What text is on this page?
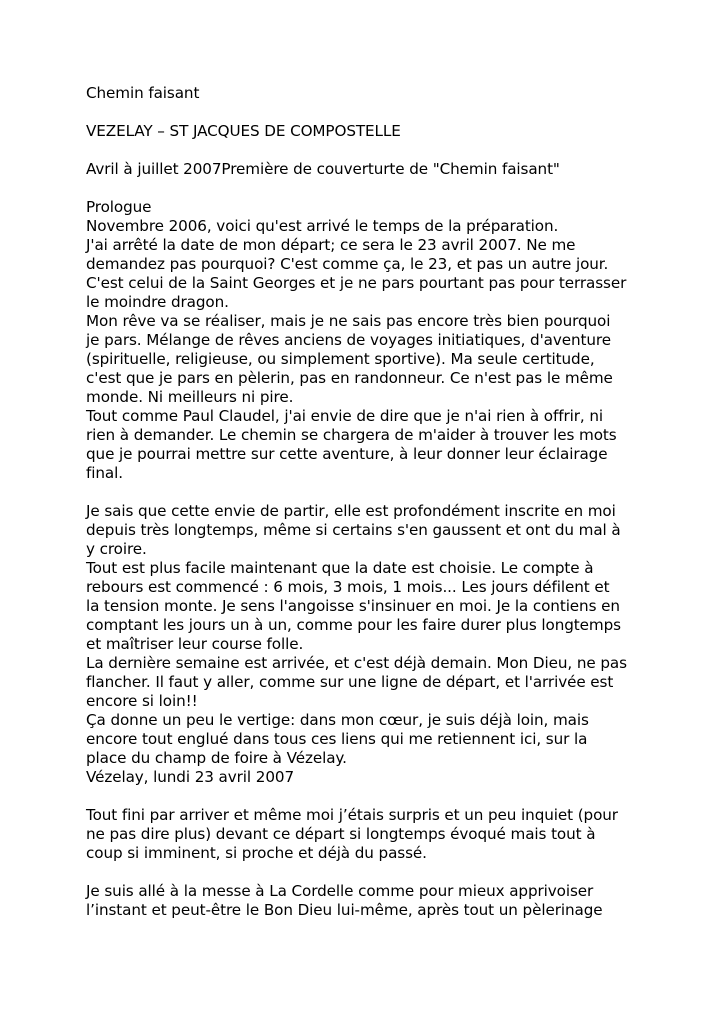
Chemin faisant
VEZELAY – ST JACQUES DE COMPOSTELLE
Avril à juillet 2007Première de couverturte de "Chemin faisant"
Prologue
Novembre 2006, voici qu'est arrivé le temps de la préparation.
J'ai arrêté la date de mon départ; ce sera le 23 avril 2007. Ne me
demandez pas pourquoi? C'est comme ça, le 23, et pas un autre jour.
C'est celui de la Saint Georges et je ne pars pourtant pas pour terrasser
le moindre dragon.
Mon rêve va se réaliser, mais je ne sais pas encore très bien pourquoi
je pars. Mélange de rêves anciens de voyages initiatiques, d'aventure
(spirituelle, religieuse, ou simplement sportive). Ma seule certitude,
c'est que je pars en pèlerin, pas en randonneur. Ce n'est pas le même
monde. Ni meilleurs ni pire.
Tout comme Paul Claudel, j'ai envie de dire que je n'ai rien à offrir, ni
rien à demander. Le chemin se chargera de m'aider à trouver les mots
que je pourrai mettre sur cette aventure, à leur donner leur éclairage
final.
Je sais que cette envie de partir, elle est profondément inscrite en moi
depuis très longtemps, même si certains s'en gaussent et ont du mal à
y croire.
Tout est plus facile maintenant que la date est choisie. Le compte à
rebours est commencé : 6 mois, 3 mois, 1 mois... Les jours défilent et
la tension monte. Je sens l'angoisse s'insinuer en moi. Je la contiens en
comptant les jours un à un, comme pour les faire durer plus longtemps
et maîtriser leur course folle.
La dernière semaine est arrivée, et c'est déjà demain. Mon Dieu, ne pas
flancher. Il faut y aller, comme sur une ligne de départ, et l'arrivée est
encore si loin!!
Ça donne un peu le vertige: dans mon cœur, je suis déjà loin, mais
encore tout englué dans tous ces liens qui me retiennent ici, sur la
place du champ de foire à Vézelay.
Vézelay, lundi 23 avril 2007
Tout fini par arriver et même moi j’étais surpris et un peu inquiet (pour
ne pas dire plus) devant ce départ si longtemps évoqué mais tout à
coup si imminent, si proche et déjà du passé.
Je suis allé à la messe à La Cordelle comme pour mieux apprivoiser
l’instant et peut-être le Bon Dieu lui-même, après tout un pèlerinage
